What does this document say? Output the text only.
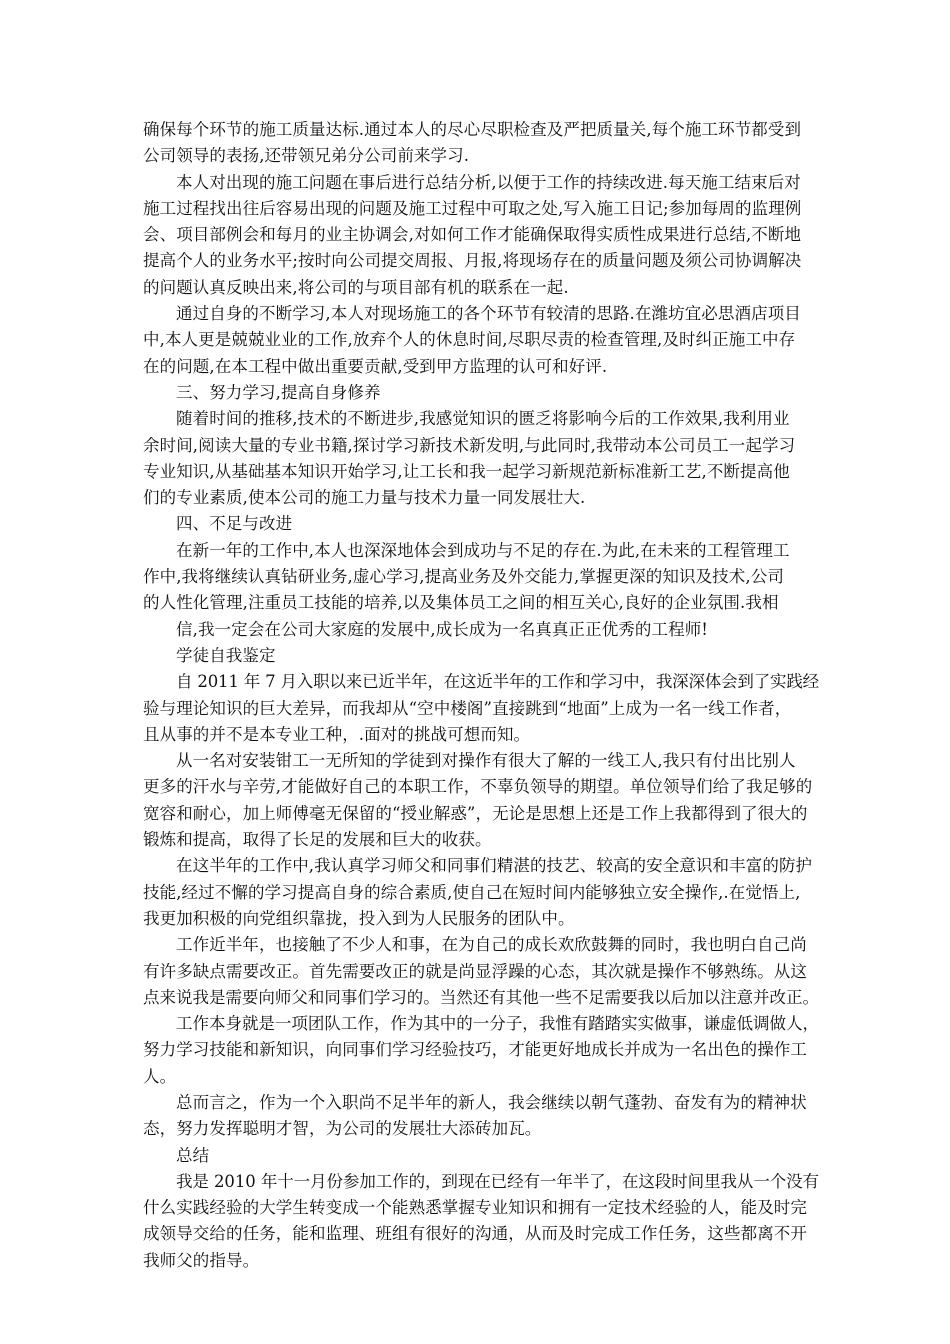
确保每个环节的施工质量达标.通过本人的尽心尽职检查及严把质量关,每个施工环节都受到
公司领导的表扬,还带领兄弟分公司前来学习.
本人对出现的施工问题在事后进行总结分析,以便于工作的持续改进.每天施工结束后对
施工过程找出往后容易出现的问题及施工过程中可取之处,写入施工日记;参加每周的监理例
会、项目部例会和每月的业主协调会,对如何工作才能确保取得实质性成果进行总结,不断地
提高个人的业务水平;按时向公司提交周报、月报,将现场存在的质量问题及须公司协调解决
的问题认真反映出来,将公司的与项目部有机的联系在一起.
通过自身的不断学习,本人对现场施工的各个环节有较清的思路.在潍坊宜必思酒店项目
中,本人更是兢兢业业的工作,放弃个人的休息时间,尽职尽责的检查管理,及时纠正施工中存
在的问题,在本工程中做出重要贡献,受到甲方监理的认可和好评.
三、努力学习,提高自身修养
随着时间的推移,技术的不断进步,我感觉知识的匮乏将影响今后的工作效果,我利用业
余时间,阅读大量的专业书籍,探讨学习新技术新发明,与此同时,我带动本公司员工一起学习
专业知识,从基础基本知识开始学习,让工长和我一起学习新规范新标准新工艺,不断提高他
们的专业素质,使本公司的施工力量与技术力量一同发展壮大.
四、不足与改进
在新一年的工作中,本人也深深地体会到成功与不足的存在.为此,在未来的工程管理工
作中,我将继续认真钻研业务,虚心学习,提高业务及外交能力,掌握更深的知识及技术,公司
的人性化管理,注重员工技能的培养,以及集体员工之间的相互关心,良好的企业氛围.我相
信,我一定会在公司大家庭的发展中,成长成为一名真真正正优秀的工程师!
学徒自我鉴定
自 2011 年 7 月入职以来已近半年，在这近半年的工作和学习中，我深深体会到了实践经
验与理论知识的巨大差异，而我却从“空中楼阁”直接跳到“地面”上成为一名一线工作者，
且从事的并不是本专业工种，.面对的挑战可想而知。
从一名对安装钳工一无所知的学徒到对操作有很大了解的一线工人,我只有付出比别人
更多的汗水与辛劳,才能做好自己的本职工作，不辜负领导的期望。单位领导们给了我足够的
宽容和耐心，加上师傅毫无保留的“授业解惑”，无论是思想上还是工作上我都得到了很大的
锻炼和提高，取得了长足的发展和巨大的收获。
在这半年的工作中,我认真学习师父和同事们精湛的技艺、较高的安全意识和丰富的防护
技能,经过不懈的学习提高自身的综合素质,使自己在短时间内能够独立安全操作,.在觉悟上,
我更加积极的向党组织靠拢，投入到为人民服务的团队中。
工作近半年，也接触了不少人和事，在为自己的成长欢欣鼓舞的同时，我也明白自己尚
有许多缺点需要改正。首先需要改正的就是尚显浮躁的心态，其次就是操作不够熟练。从这
点来说我是需要向师父和同事们学习的。当然还有其他一些不足需要我以后加以注意并改正。
工作本身就是一项团队工作，作为其中的一分子，我惟有踏踏实实做事，谦虚低调做人，
努力学习技能和新知识，向同事们学习经验技巧，才能更好地成长并成为一名出色的操作工
人。
总而言之，作为一个入职尚不足半年的新人，我会继续以朝气蓬勃、奋发有为的精神状
态，努力发挥聪明才智，为公司的发展壮大添砖加瓦。
总结
我是 2010 年十一月份参加工作的，到现在已经有一年半了，在这段时间里我从一个没有
什么实践经验的大学生转变成一个能熟悉掌握专业知识和拥有一定技术经验的人，能及时完
成领导交给的任务，能和监理、班组有很好的沟通，从而及时完成工作任务，这些都离不开
我师父的指导。
